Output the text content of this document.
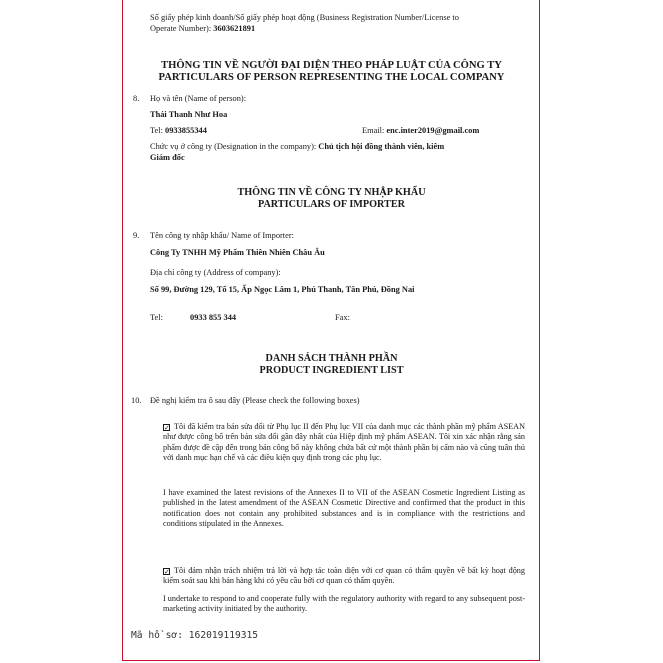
Số giấy phép kinh doanh/Số giấy phép hoạt động (Business Registration Number/License to
Operate Number): 3603621891
THÔNG TIN VỀ NGƯỜI ĐẠI DIỆN THEO PHÁP LUẬT CỦA CÔNG TY
PARTICULARS OF PERSON REPRESENTING THE LOCAL COMPANY
8. Họ và tên (Name of person):
Thái Thanh Như Hoa
Tel: 0933855344	Email: enc.inter2019@gmail.com
Chức vụ ở công ty (Designation in the company): Chủ tịch hội đồng thành viên, kiêm
Giám đốc
THÔNG TIN VỀ CÔNG TY NHẬP KHẨU
PARTICULARS OF IMPORTER
9. Tên công ty nhập khẩu/ Name of Importer:
Công Ty TNHH Mỹ Phẩm Thiên Nhiên Châu Âu
Địa chỉ công ty (Address of company):
Số 99, Đường 129, Tổ 15, Ấp Ngọc Lâm 1, Phú Thanh, Tân Phú, Đồng Nai
Tel:	0933 855 344	Fax:
DANH SÁCH THÀNH PHẦN
PRODUCT INGREDIENT LIST
10. Đề nghị kiểm tra ô sau đây (Please check the following boxes)
✓ Tôi đã kiểm tra bản sửa đổi từ Phụ lục II đến Phụ lục VII của danh mục các thành phần mỹ phẩm ASEAN như được công bố trên bản sửa đổi gần đây nhất của Hiệp định mỹ phẩm ASEAN. Tôi xin xác nhận rằng sản phẩm được đề cập đến trong bản công bố này không chứa bất cứ một thành phần bị cấm nào và cũng tuân thủ với danh mục hạn chế và các điều kiện quy định trong các phụ lục.
I have examined the latest revisions of the Annexes II to VII of the ASEAN Cosmetic Ingredient Listing as published in the latest amendment of the ASEAN Cosmetic Directive and confirmed that the product in this notification does not contain any prohibited substances and is in compliance with the restrictions and conditions stipulated in the Annexes.
✓ Tôi đảm nhận trách nhiệm trả lời và hợp tác toàn diện với cơ quan có thẩm quyền về bất kỳ hoạt động kiểm soát sau khi bán hàng khi có yêu cầu bởi cơ quan có thẩm quyền.
I undertake to respond to and cooperate fully with the regulatory authority with regard to any subsequent post-marketing activity initiated by the authority.
Mã hồ sơ: 162019119315
